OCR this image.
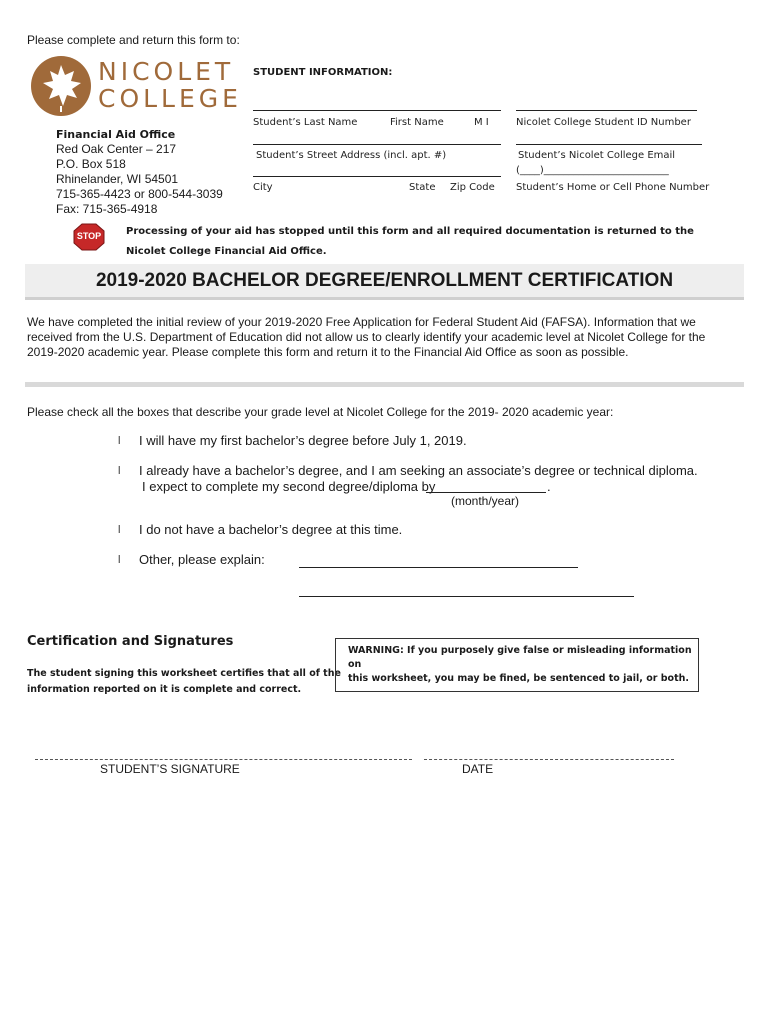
Please complete and return this form to:
NICOLET
COLLEGE
Financial Aid Office
Red Oak Center – 217
P.O. Box 518
Rhinelander, WI 54501
715-365-4423 or 800-544-3039
Fax: 715-365-4918
STUDENT INFORMATION:
Student’s Last Name	First Name	M I	Nicolet College Student ID Number
Student’s Street Address (incl. apt. #)	Student’s Nicolet College Email
(____)_________________________
City	State Zip Code Student’s Home or Cell Phone Number
STOP	Processing of your aid has stopped until this form and all required documentation is returned to the
Nicolet College Financial Aid Office.
2019-2020 BACHELOR DEGREE/ENROLLMENT CERTIFICATION
We have completed the initial review of your 2019-2020 Free Application for Federal Student Aid (FAFSA). Information that we
received from the U.S. Department of Education did not allow us to clearly identify your academic level at Nicolet College for the
2019-2020 academic year. Please complete this form and return it to the Financial Aid Office as soon as possible.
Please check all the boxes that describe your grade level at Nicolet College for the 2019- 2020 academic year:
l I will have my first bachelor’s degree before July 1, 2019.
l I already have a bachelor’s degree, and I am seeking an associate’s degree or technical diploma.
I expect to complete my second degree/diploma by	.
(month/year)
l I do not have a bachelor’s degree at this time.
l Other, please explain:
Certification and Signatures
The student signing this worksheet certifies that all of the
information reported on it is complete and correct.
WARNING: If you purposely give false or misleading information on
this worksheet, you may be fined, be sentenced to jail, or both.
STUDENT’S SIGNATURE	DATE
